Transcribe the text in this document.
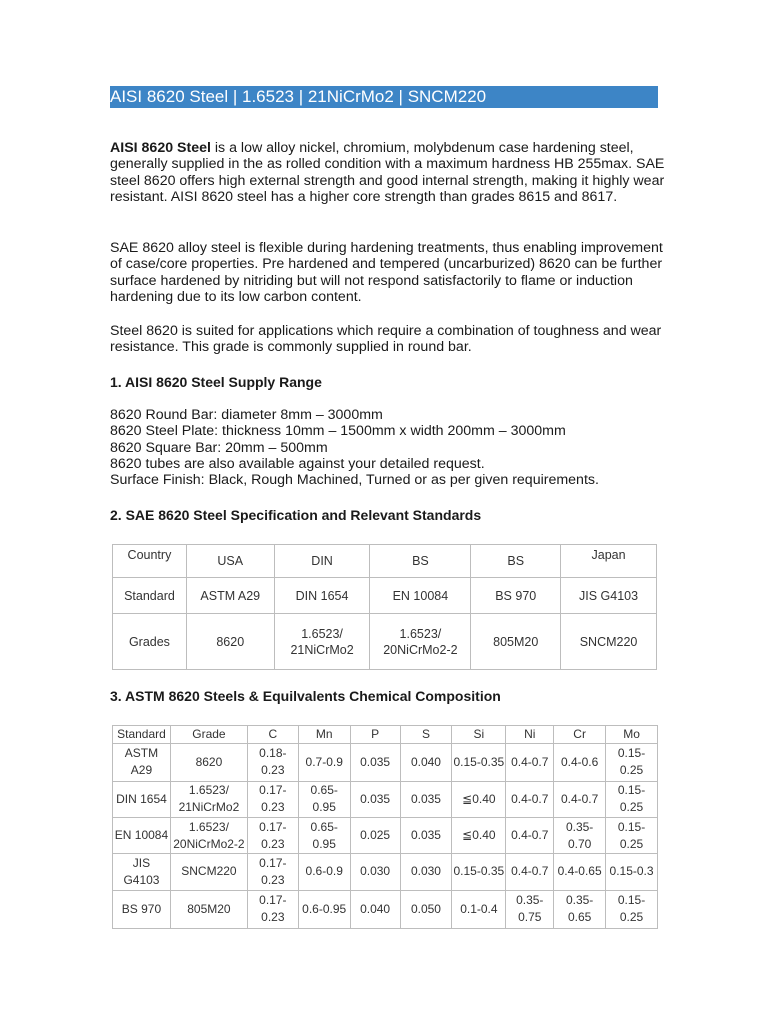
AISI 8620 Steel | 1.6523 | 21NiCrMo2 | SNCM220

AISI 8620 Steel is a low alloy nickel, chromium, molybdenum case hardening steel, generally supplied in the as rolled condition with a maximum hardness HB 255max. SAE steel 8620 offers high external strength and good internal strength, making it highly wear resistant. AISI 8620 steel has a higher core strength than grades 8615 and 8617.

SAE 8620 alloy steel is flexible during hardening treatments, thus enabling improvement of case/core properties. Pre hardened and tempered (uncarburized) 8620 can be further surface hardened by nitriding but will not respond satisfactorily to flame or induction hardening due to its low carbon content.

Steel 8620 is suited for applications which require a combination of toughness and wear resistance. This grade is commonly supplied in round bar.

1. AISI 8620 Steel Supply Range

8620 Round Bar: diameter 8mm – 3000mm
8620 Steel Plate: thickness 10mm – 1500mm x width 200mm – 3000mm
8620 Square Bar: 20mm – 500mm
8620 tubes are also available against your detailed request.
Surface Finish: Black, Rough Machined, Turned or as per given requirements.

2. SAE 8620 Steel Specification and Relevant Standards

Country	USA	DIN	BS	BS	Japan
Standard	ASTM A29	DIN 1654	EN 10084	BS 970	JIS G4103
Grades	8620	1.6523/
21NiCrMo2	1.6523/
20NiCrMo2-2	805M20	SNCM220

3. ASTM 8620 Steels & Equilvalents Chemical Composition

Standard	Grade	C	Mn	P	S	Si	Ni	Cr	Mo
ASTM
A29	8620	0.18-
0.23	0.7-0.9	0.035	0.040	0.15-0.35	0.4-0.7	0.4-0.6	0.15-
0.25
DIN 1654	1.6523/
21NiCrMo2	0.17-
0.23	0.65-
0.95	0.035	0.035	≦0.40	0.4-0.7	0.4-0.7	0.15-
0.25
EN 10084	1.6523/
20NiCrMo2-2	0.17-
0.23	0.65-
0.95	0.025	0.035	≦0.40	0.4-0.7	0.35-
0.70	0.15-
0.25
JIS
G4103	SNCM220	0.17-
0.23	0.6-0.9	0.030	0.030	0.15-0.35	0.4-0.7	0.4-0.65	0.15-0.3
BS 970	805M20	0.17-
0.23	0.6-0.95	0.040	0.050	0.1-0.4	0.35-
0.75	0.35-
0.65	0.15-
0.25
